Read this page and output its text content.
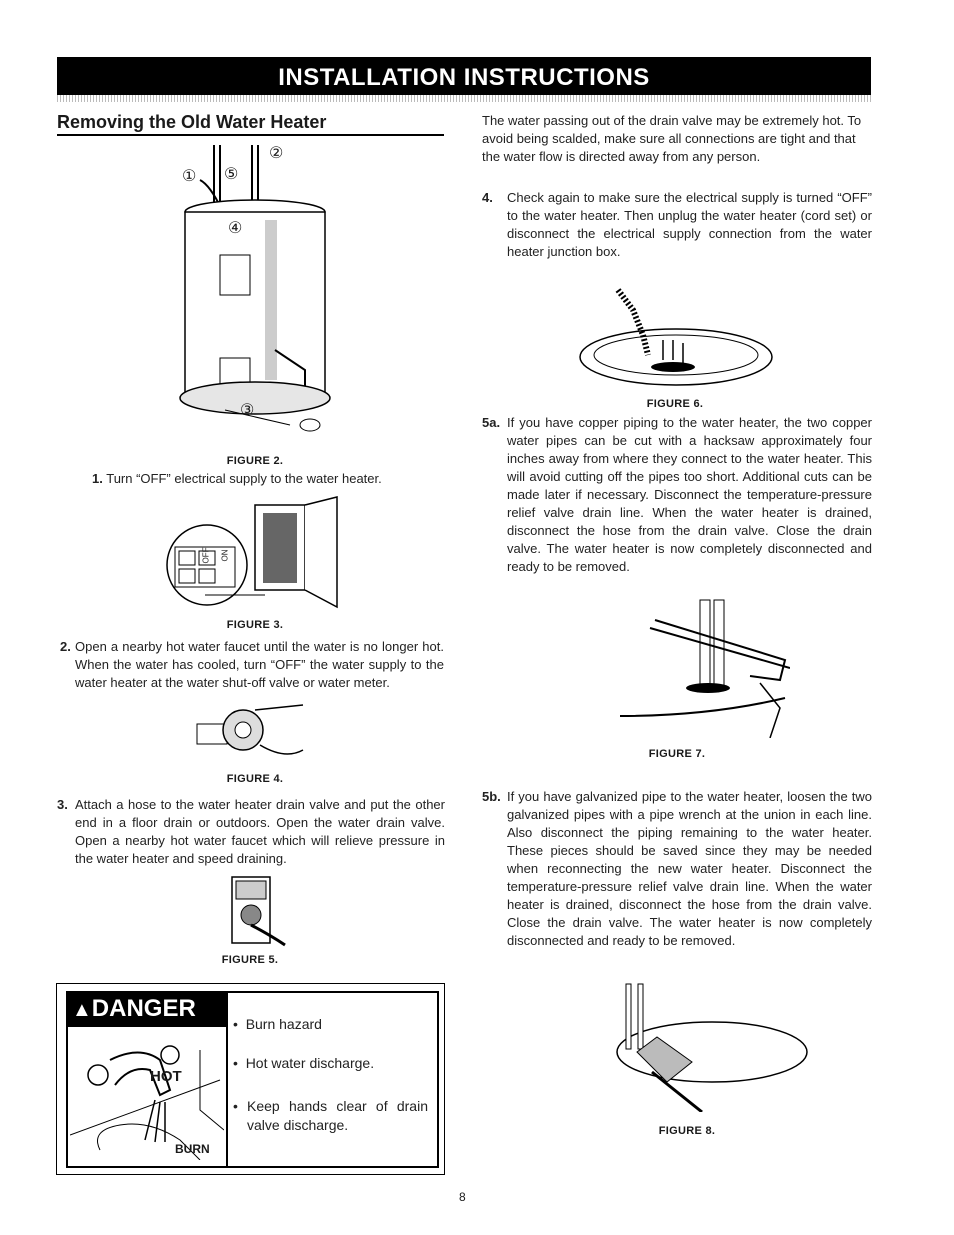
INSTALLATION INSTRUCTIONS
Removing the Old Water Heater
① ⑤
②
④
③
FIGURE 2.
1. Turn “OFF” electrical supply to the water heater.
ON
OFF
FIGURE 3.
2. Open a nearby hot water faucet until the water is no longer hot. When the water has cooled, turn “OFF” the water supply to the water heater at the water shut-off valve or water meter.
FIGURE 4.
3. Attach a hose to the water heater drain valve and put the other end in a floor drain or outdoors. Open the water drain valve. Open a nearby hot water faucet which will relieve pressure in the water heater and speed draining.
FIGURE 5.
▲DANGER
HOT
BURN
•  Burn hazard
•  Hot water discharge.
• Keep hands clear of drain valve discharge.
The water passing out of the drain valve may be extremely hot. To avoid being scalded, make sure all connections are tight and that the water flow is directed away from any person.
4. Check again to make sure the electrical supply is turned “OFF” to the water heater. Then unplug the water heater (cord set) or disconnect the electrical supply connection from the water heater junction box.
FIGURE 6.
5a. If you have copper piping to the water heater, the two copper water pipes can be cut with a hacksaw approximately four inches away from where they connect to the water heater. This will avoid cutting off the pipes too short. Additional cuts can be made later if necessary. Disconnect the temperature-pressure relief valve drain line. When the water heater is drained, disconnect the hose from the drain valve. Close the drain valve. The water heater is now completely disconnected and ready to be removed.
FIGURE 7.
5b. If you have galvanized pipe to the water heater, loosen the two galvanized pipes with a pipe wrench at the union in each line. Also disconnect the piping remaining to the water heater. These pieces should be saved since they may be needed when reconnecting the new water heater. Disconnect the temperature-pressure relief valve drain line. When the water heater is drained, disconnect the hose from the drain valve. Close the drain valve. The water heater is now completely disconnected and ready to be removed.
FIGURE 8.
8
